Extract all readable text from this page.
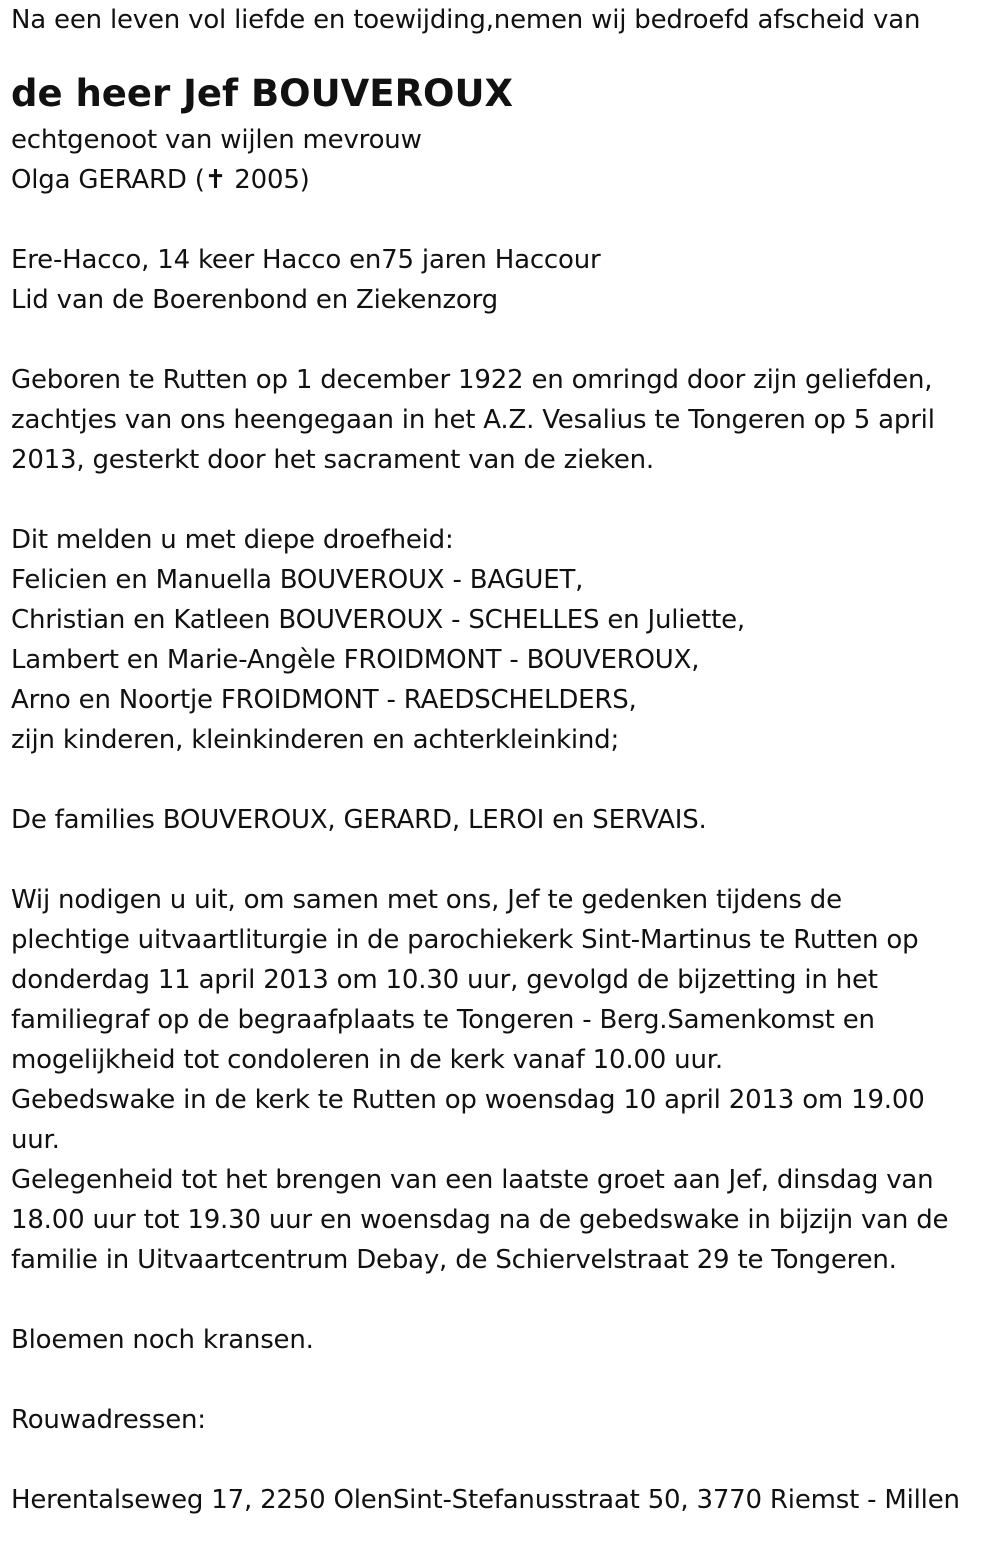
Na een leven vol liefde en toewijding,nemen wij bedroefd afscheid van
de heer Jef BOUVEROUX
echtgenoot van wijlen mevrouw
Olga GERARD (✝ 2005)
Ere-Hacco, 14 keer Hacco en75 jaren Haccour
Lid van de Boerenbond en Ziekenzorg
Geboren te Rutten op 1 december 1922 en omringd door zijn geliefden,
zachtjes van ons heengegaan in het A.Z. Vesalius te Tongeren op 5 april
2013, gesterkt door het sacrament van de zieken.
Dit melden u met diepe droefheid:
Felicien en Manuella BOUVEROUX - BAGUET,
Christian en Katleen BOUVEROUX - SCHELLES en Juliette,
Lambert en Marie-Angèle FROIDMONT - BOUVEROUX,
Arno en Noortje FROIDMONT - RAEDSCHELDERS,
zijn kinderen, kleinkinderen en achterkleinkind;
De families BOUVEROUX, GERARD, LEROI en SERVAIS.
Wij nodigen u uit, om samen met ons, Jef te gedenken tijdens de
plechtige uitvaartliturgie in de parochiekerk Sint-Martinus te Rutten op
donderdag 11 april 2013 om 10.30 uur, gevolgd de bijzetting in het
familiegraf op de begraafplaats te Tongeren - Berg.Samenkomst en
mogelijkheid tot condoleren in de kerk vanaf 10.00 uur.
Gebedswake in de kerk te Rutten op woensdag 10 april 2013 om 19.00
uur.
Gelegenheid tot het brengen van een laatste groet aan Jef, dinsdag van
18.00 uur tot 19.30 uur en woensdag na de gebedswake in bijzijn van de
familie in Uitvaartcentrum Debay, de Schiervelstraat 29 te Tongeren.
Bloemen noch kransen.
Rouwadressen:
Herentalseweg 17, 2250 OlenSint-Stefanusstraat 50, 3770 Riemst - Millen
